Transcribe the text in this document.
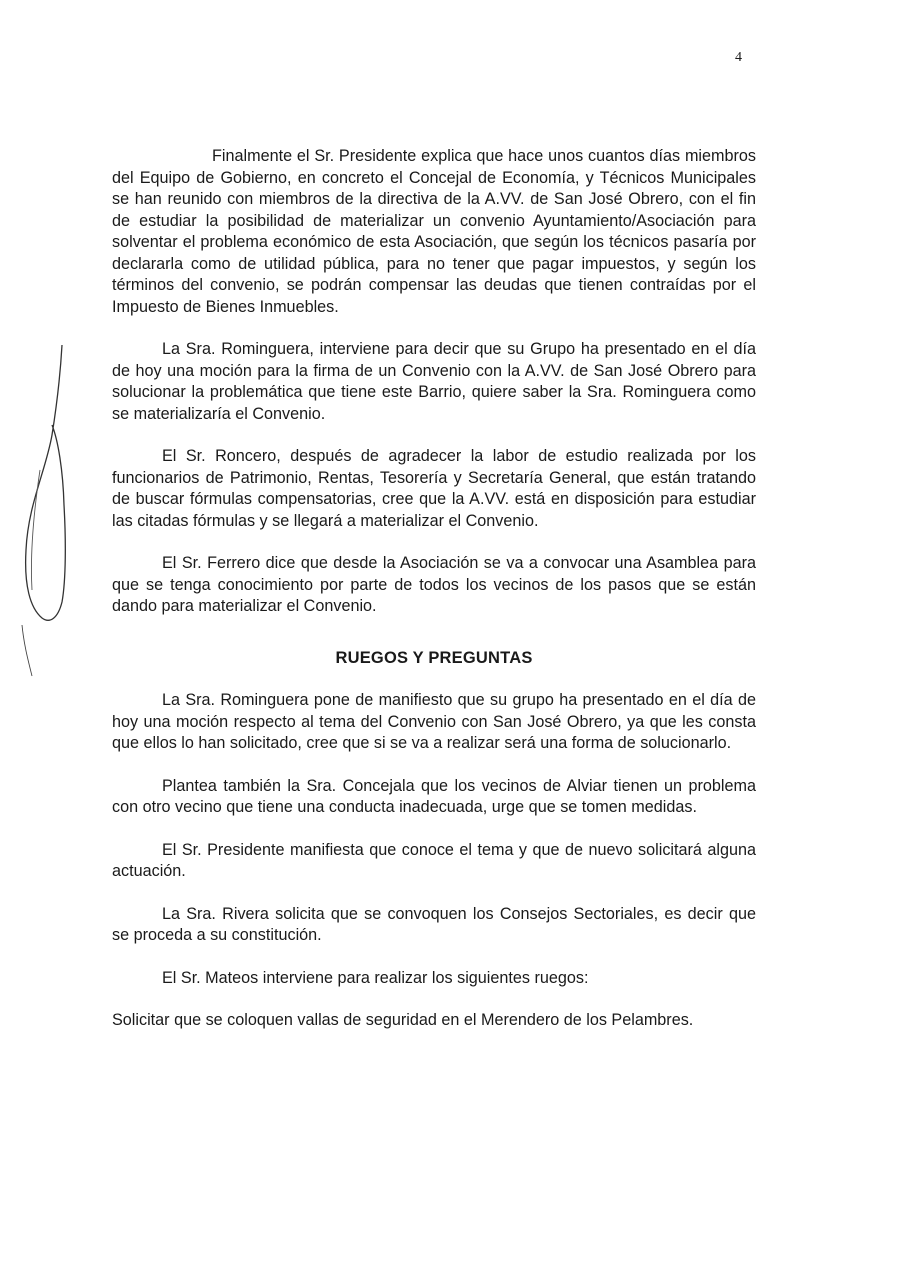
4

Finalmente el Sr. Presidente explica que hace unos cuantos días miembros del Equipo de Gobierno, en concreto el Concejal de Economía, y Técnicos Municipales se han reunido con miembros de la directiva de la A.VV. de San José Obrero, con el fin de estudiar la posibilidad de materializar un convenio Ayuntamiento/Asociación para solventar el problema económico de esta Asociación, que según los técnicos pasaría por declararla como de utilidad pública, para no tener que pagar impuestos, y según los términos del convenio, se podrán compensar las deudas que tienen contraídas por el Impuesto de Bienes Inmuebles.

La Sra. Rominguera, interviene para decir que su Grupo ha presentado en el día de hoy una moción para la firma de un Convenio con la A.VV. de San José Obrero para solucionar la problemática que tiene este Barrio, quiere saber la Sra. Rominguera como se materializaría el Convenio.

El Sr. Roncero, después de agradecer la labor de estudio realizada por los funcionarios de Patrimonio, Rentas, Tesorería y Secretaría General, que están tratando de buscar fórmulas compensatorias, cree que la A.VV. está en disposición para estudiar las citadas fórmulas y se llegará a materializar el Convenio.

El Sr. Ferrero dice que desde la Asociación se va a convocar una Asamblea para que se tenga conocimiento por parte de todos los vecinos de los pasos que se están dando para materializar el Convenio.

RUEGOS Y PREGUNTAS

La Sra. Rominguera pone de manifiesto que su grupo ha presentado en el día de hoy una moción respecto al tema del Convenio con San José Obrero, ya que les consta que ellos lo han solicitado, cree que si se va a realizar será una forma de solucionarlo.

Plantea también la Sra. Concejala que los vecinos de Alviar tienen un problema con otro vecino que tiene una conducta inadecuada, urge que se tomen medidas.

El Sr. Presidente manifiesta que conoce el tema y que de nuevo solicitará alguna actuación.

La Sra. Rivera solicita que se convoquen los Consejos Sectoriales, es decir que se proceda a su constitución.

El Sr. Mateos interviene para realizar los siguientes ruegos:

Solicitar que se coloquen vallas de seguridad en el Merendero de los Pelambres.
